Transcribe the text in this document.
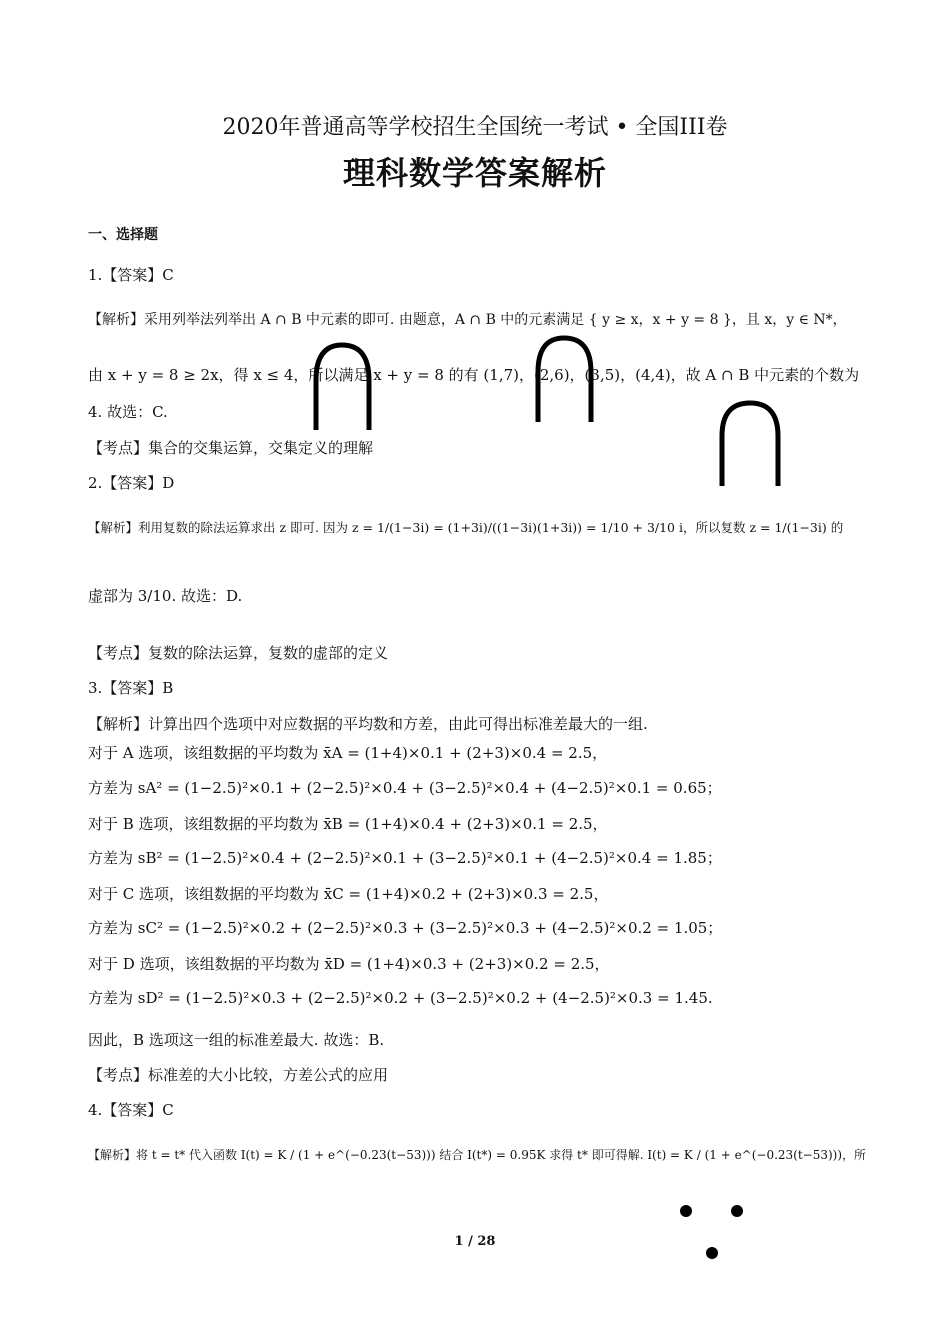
2020年普通高等学校招生全国统一考试 • 全国III卷
理科数学答案解析
一、选择题
1.【答案】C
【解析】采用列举法列举出 A ∩ B 中元素的即可. 由题意，A ∩ B 中的元素满足 { y ≥ x，x + y = 8 }，且 x，y ∈ N*，
由 x + y = 8 ≥ 2x，得 x ≤ 4，所以满足 x + y = 8 的有 (1,7)，(2,6)，(3,5)，(4,4)，故 A ∩ B 中元素的个数为
4. 故选：C.
【考点】集合的交集运算，交集定义的理解
2.【答案】D
【解析】利用复数的除法运算求出 z 即可. 因为 z = 1/(1−3i) = (1+3i)/((1−3i)(1+3i)) = 1/10 + 3/10 i，所以复数 z = 1/(1−3i) 的
虚部为 3/10. 故选：D.
【考点】复数的除法运算，复数的虚部的定义
3.【答案】B
【解析】计算出四个选项中对应数据的平均数和方差，由此可得出标准差最大的一组.
对于 A 选项，该组数据的平均数为 x̄A = (1+4)×0.1 + (2+3)×0.4 = 2.5，
方差为 sA² = (1−2.5)²×0.1 + (2−2.5)²×0.4 + (3−2.5)²×0.4 + (4−2.5)²×0.1 = 0.65；
对于 B 选项，该组数据的平均数为 x̄B = (1+4)×0.4 + (2+3)×0.1 = 2.5，
方差为 sB² = (1−2.5)²×0.4 + (2−2.5)²×0.1 + (3−2.5)²×0.1 + (4−2.5)²×0.4 = 1.85；
对于 C 选项，该组数据的平均数为 x̄C = (1+4)×0.2 + (2+3)×0.3 = 2.5，
方差为 sC² = (1−2.5)²×0.2 + (2−2.5)²×0.3 + (3−2.5)²×0.3 + (4−2.5)²×0.2 = 1.05；
对于 D 选项，该组数据的平均数为 x̄D = (1+4)×0.3 + (2+3)×0.2 = 2.5，
方差为 sD² = (1−2.5)²×0.3 + (2−2.5)²×0.2 + (3−2.5)²×0.2 + (4−2.5)²×0.3 = 1.45.
因此，B 选项这一组的标准差最大. 故选：B.
【考点】标准差的大小比较，方差公式的应用
4.【答案】C
【解析】将 t = t* 代入函数 I(t) = K / (1 + e^(−0.23(t−53))) 结合 I(t*) = 0.95K 求得 t* 即可得解. I(t) = K / (1 + e^(−0.23(t−53)))，所
1 / 28
